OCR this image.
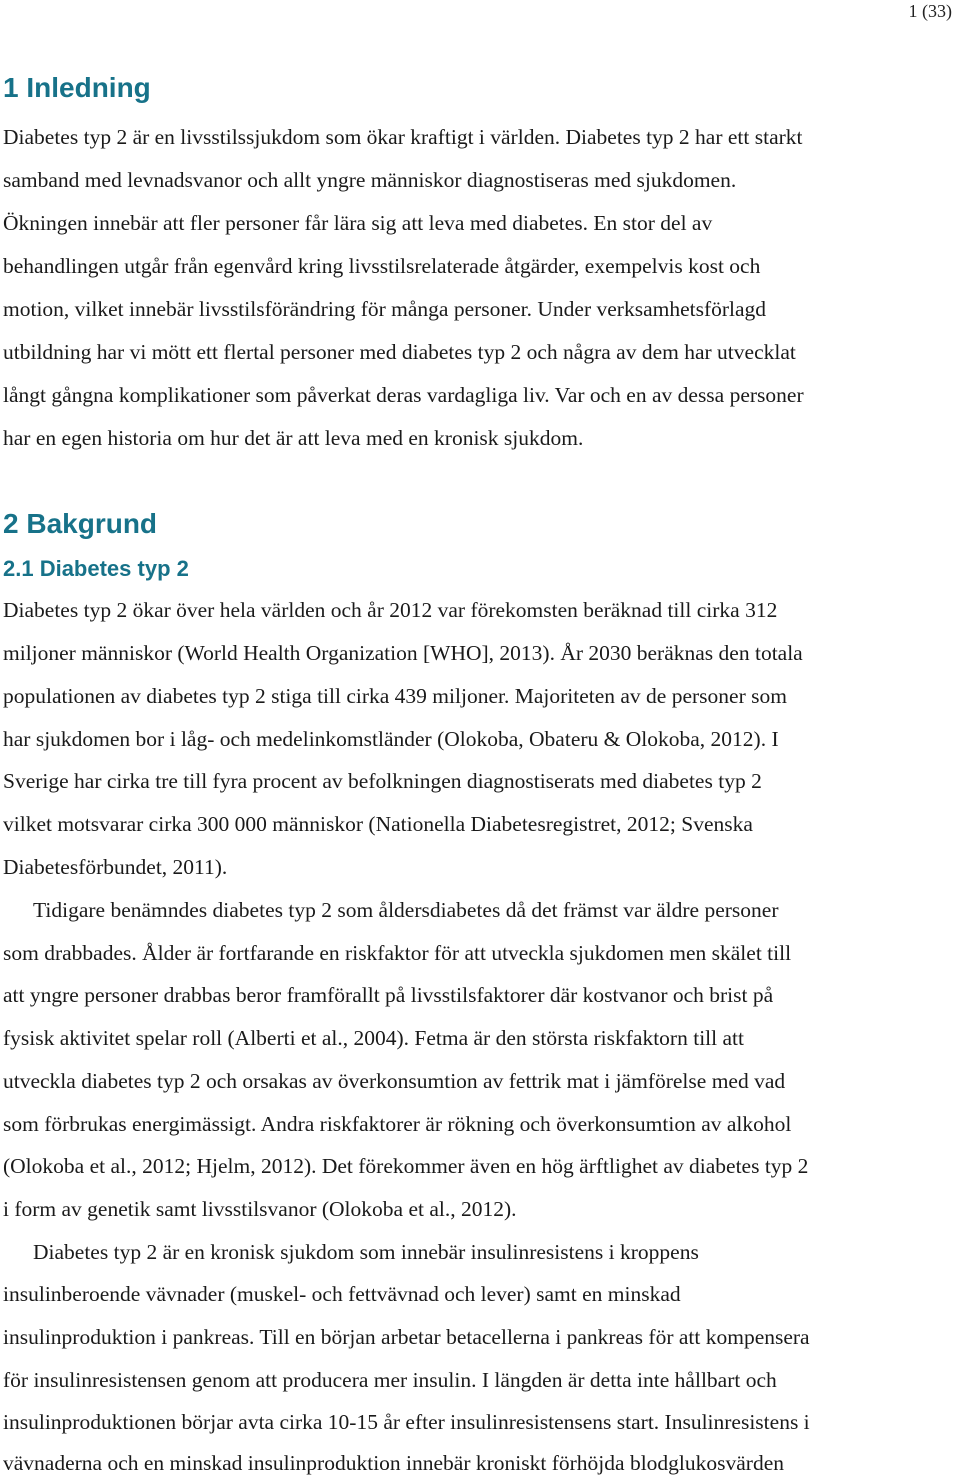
1 (33)
1 Inledning

Diabetes typ 2 är en livsstilssjukdom som ökar kraftigt i världen. Diabetes typ 2 har ett starkt

samband med levnadsvanor och allt yngre människor diagnostiseras med sjukdomen.

Ökningen innebär att fler personer får lära sig att leva med diabetes. En stor del av

behandlingen utgår från egenvård kring livsstilsrelaterade åtgärder, exempelvis kost och

motion, vilket innebär livsstilsförändring för många personer. Under verksamhetsförlagd

utbildning har vi mött ett flertal personer med diabetes typ 2 och några av dem har utvecklat

långt gångna komplikationer som påverkat deras vardagliga liv. Var och en av dessa personer

har en egen historia om hur det är att leva med en kronisk sjukdom.

2 Bakgrund
2.1 Diabetes typ 2

Diabetes typ 2 ökar över hela världen och år 2012 var förekomsten beräknad till cirka 312

miljoner människor (World Health Organization [WHO], 2013). År 2030 beräknas den totala

populationen av diabetes typ 2 stiga till cirka 439 miljoner. Majoriteten av de personer som

har sjukdomen bor i låg- och medelinkomstländer (Olokoba, Obateru & Olokoba, 2012). I

Sverige har cirka tre till fyra procent av befolkningen diagnostiserats med diabetes typ 2

vilket motsvarar cirka 300 000 människor (Nationella Diabetesregistret, 2012; Svenska

Diabetesförbundet, 2011).

Tidigare benämndes diabetes typ 2 som åldersdiabetes då det främst var äldre personer

som drabbades. Ålder är fortfarande en riskfaktor för att utveckla sjukdomen men skälet till

att yngre personer drabbas beror framförallt på livsstilsfaktorer där kostvanor och brist på

fysisk aktivitet spelar roll (Alberti et al., 2004). Fetma är den största riskfaktorn till att

utveckla diabetes typ 2 och orsakas av överkonsumtion av fettrik mat i jämförelse med vad

som förbrukas energimässigt. Andra riskfaktorer är rökning och överkonsumtion av alkohol

(Olokoba et al., 2012; Hjelm, 2012). Det förekommer även en hög ärftlighet av diabetes typ 2

i form av genetik samt livsstilsvanor (Olokoba et al., 2012).

Diabetes typ 2 är en kronisk sjukdom som innebär insulinresistens i kroppens

insulinberoende vävnader (muskel- och fettvävnad och lever) samt en minskad

insulinproduktion i pankreas. Till en början arbetar betacellerna i pankreas för att kompensera

för insulinresistensen genom att producera mer insulin. I längden är detta inte hållbart och

insulinproduktionen börjar avta cirka 10-15 år efter insulinresistensens start. Insulinresistens i

vävnaderna och en minskad insulinproduktion innebär kroniskt förhöjda blodglukosvärden
